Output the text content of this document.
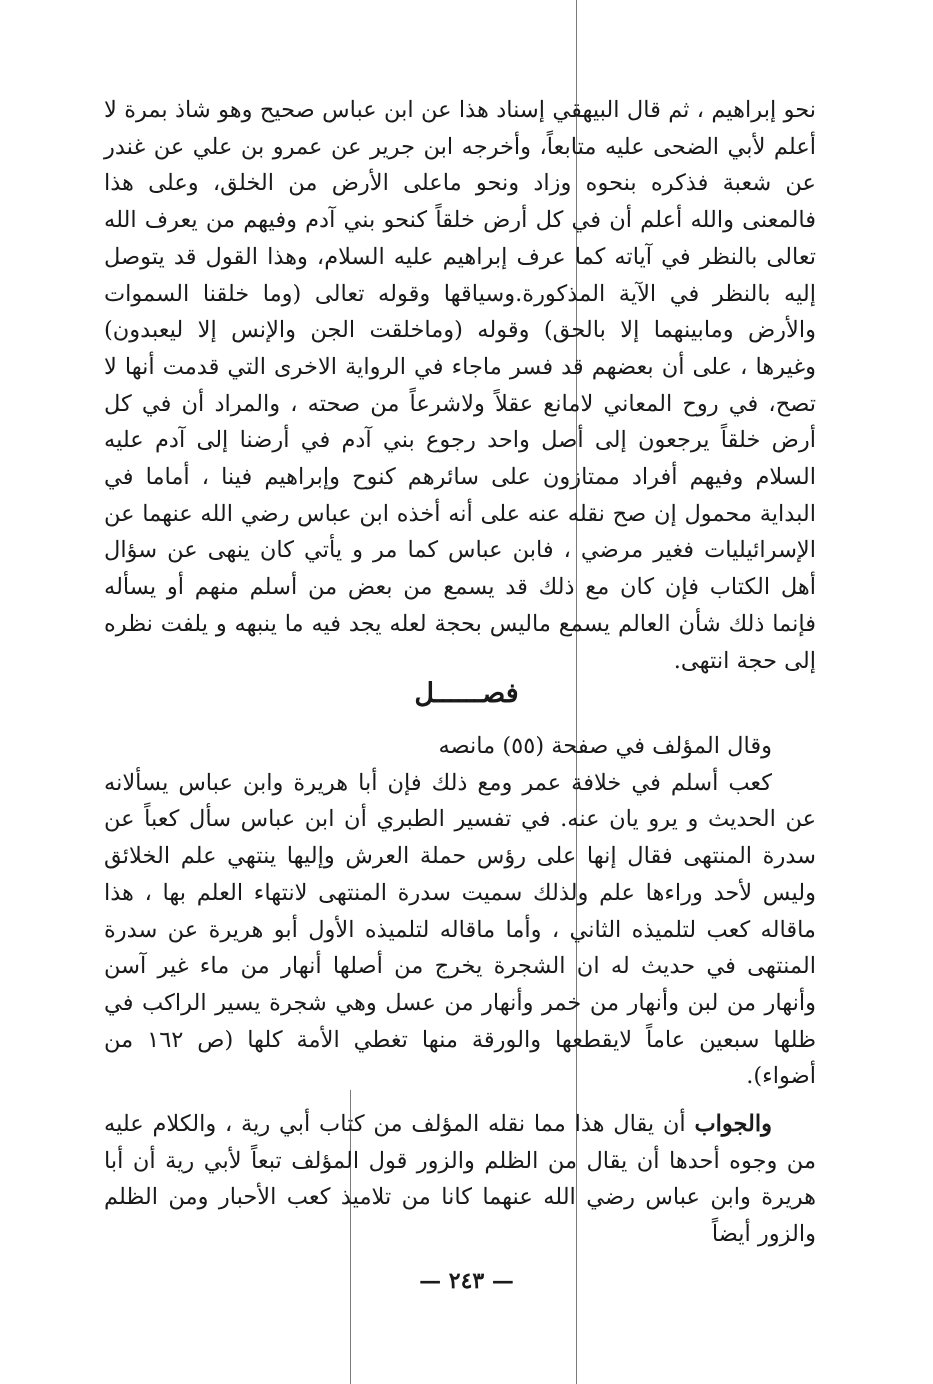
نحو إبراهيم ، ثم قال البيهقي إسناد هذا عن ابن عباس صحيح وهو شاذ بمرة لا أعلم لأبي الضحى عليه متابعاً، وأخرجه ابن جرير عن عمرو بن علي عن غندر عن شعبة فذكره بنحوه وزاد ونحو ماعلى الأرض من الخلق، وعلى هذا فالمعنى والله أعلم أن في كل أرض خلقاً كنحو بني آدم وفيهم من يعرف الله تعالى بالنظر في آياته كما عرف إبراهيم عليه السلام، وهذا القول قد يتوصل إليه بالنظر في الآية المذكورة.وسياقها وقوله تعالى (وما خلقنا السموات والأرض ومابينهما إلا بالحق) وقوله (وماخلقت الجن والإنس إلا ليعبدون) وغيرها ، على أن بعضهم قد فسر ماجاء في الرواية الاخرى التي قدمت أنها لا تصح، في روح المعاني لامانع عقلاً ولاشرعاً من صحته ، والمراد أن في كل أرض خلقاً يرجعون إلى أصل واحد رجوع بني آدم في أرضنا إلى آدم عليه السلام وفيهم أفراد ممتازون على سائرهم كنوح وإبراهيم فينا ، أماما في البداية محمول إن صح نقله عنه على أنه أخذه ابن عباس رضي الله عنهما عن الإسرائيليات فغير مرضي ، فابن عباس كما مر و يأتي كان ينهى عن سؤال أهل الكتاب فإن كان مع ذلك قد يسمع من بعض من أسلم منهم أو يسأله فإنما ذلك شأن العالم يسمع ماليس بحجة لعله يجد فيه ما ينبهه و يلفت نظره إلى حجة انتهى.

فصــــــل

وقال المؤلف في صفحة (٥٥) مانصه

كعب أسلم في خلافة عمر ومع ذلك فإن أبا هريرة وابن عباس يسألانه عن الحديث و يرو يان عنه. في تفسير الطبري أن ابن عباس سأل كعباً عن سدرة المنتهى فقال إنها على رؤس حملة العرش وإليها ينتهي علم الخلائق وليس لأحد وراءها علم ولذلك سميت سدرة المنتهى لانتهاء العلم بها ، هذا ماقاله كعب لتلميذه الثاني ، وأما ماقاله لتلميذه الأول أبو هريرة عن سدرة المنتهى في حديث له ان الشجرة يخرج من أصلها أنهار من ماء غير آسن وأنهار من لبن وأنهار من خمر وأنهار من عسل وهي شجرة يسير الراكب في ظلها سبعين عاماً لايقطعها والورقة منها تغطي الأمة كلها (ص ١٦٢ من أضواء).

والجواب أن يقال هذا مما نقله المؤلف من كتاب أبي رية ، والكلام عليه من وجوه أحدها أن يقال من الظلم والزور قول المؤلف تبعاً لأبي رية أن أبا هريرة وابن عباس رضي الله عنهما كانا من تلاميذ كعب الأحبار ومن الظلم والزور أيضاً

— ٢٤٣ —
